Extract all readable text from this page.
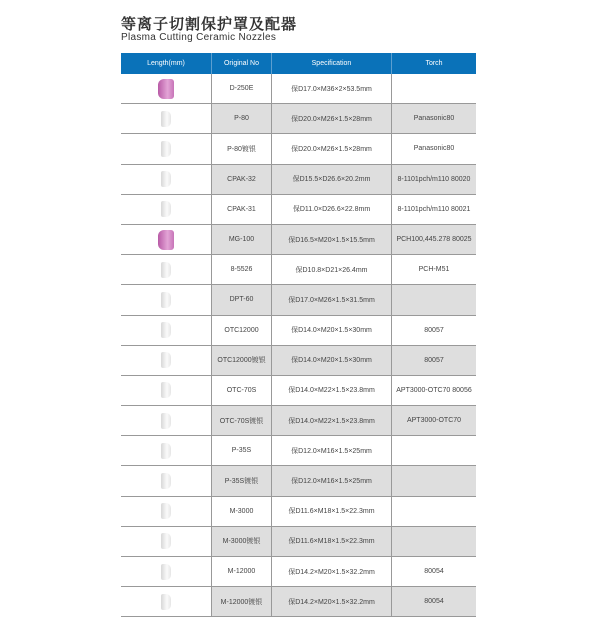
等离子切割保护罩及配器
Plasma Cutting Ceramic Nozzles
Length(mm)	Original No	Specification	Torch
	D-250E	保D17.0×M36×2×53.5mm	
	P-80	保D20.0×M26×1.5×28mm	Panasonic80
	P-80镀银	保D20.0×M26×1.5×28mm	Panasonic80
	CPAK-32	保D15.5×D26.6×20.2mm	8-1101pch/m110 80020
	CPAK-31	保D11.0×D26.6×22.8mm	8-1101pch/m110 80021
	MG-100	保D16.5×M20×1.5×15.5mm	PCH100,445.278 80025
	8-5526	保D10.8×D21×26.4mm	PCH-M51
	DPT-60	保D17.0×M26×1.5×31.5mm	
	OTC12000	保D14.0×M20×1.5×30mm	80057
	OTC12000镀银	保D14.0×M20×1.5×30mm	80057
	OTC-70S	保D14.0×M22×1.5×23.8mm	APT3000-OTC70 80056
	OTC-70S镀银	保D14.0×M22×1.5×23.8mm	APT3000-OTC70
	P-35S	保D12.0×M16×1.5×25mm	
	P-35S镀银	保D12.0×M16×1.5×25mm	
	M-3000	保D11.6×M18×1.5×22.3mm	
	M-3000镀银	保D11.6×M18×1.5×22.3mm	
	M-12000	保D14.2×M20×1.5×32.2mm	80054
	M-12000镀银	保D14.2×M20×1.5×32.2mm	80054
